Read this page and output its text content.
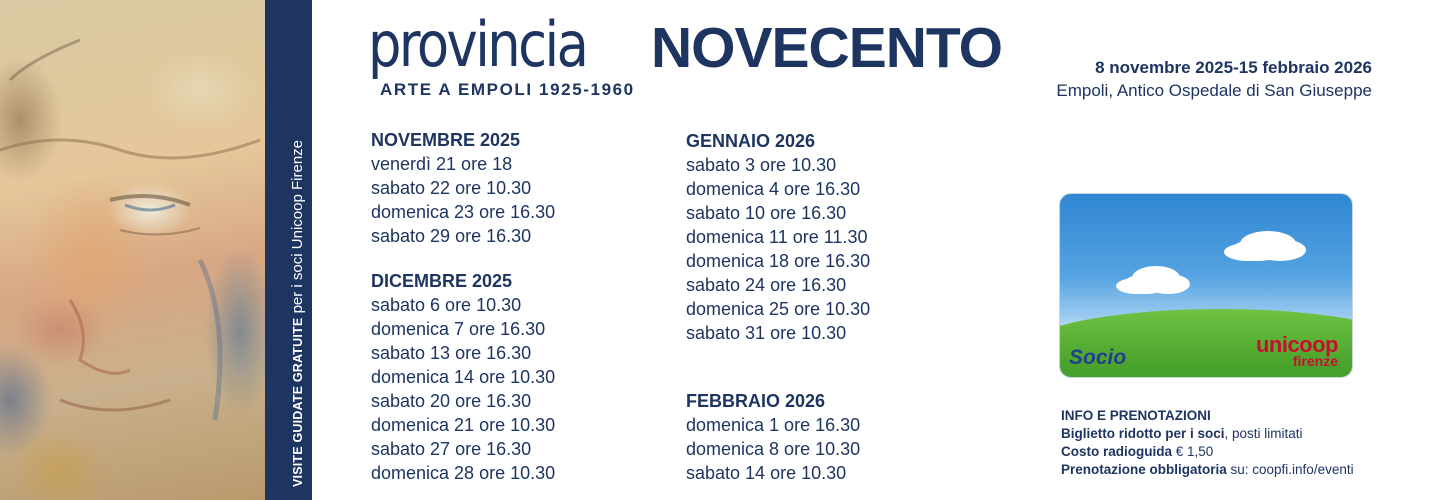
VISITE GUIDATE GRATUITE per i soci Unicoop Firenze
provincia NOVECENTO
ARTE A EMPOLI 1925-1960
8 novembre 2025-15 febbraio 2026
Empoli, Antico Ospedale di San Giuseppe
NOVEMBRE 2025
venerdì 21 ore 18
sabato 22 ore 10.30
domenica 23 ore 16.30
sabato 29 ore 16.30
DICEMBRE 2025
sabato 6 ore 10.30
domenica 7 ore 16.30
sabato 13 ore 16.30
domenica 14 ore 10.30
sabato 20 ore 16.30
domenica 21 ore 10.30
sabato 27 ore 16.30
domenica 28 ore 10.30
GENNAIO 2026
sabato 3 ore 10.30
domenica 4 ore 16.30
sabato 10 ore 16.30
domenica 11 ore 11.30
domenica 18 ore 16.30
sabato 24 ore 16.30
domenica 25 ore 10.30
sabato 31 ore 10.30
FEBBRAIO 2026
domenica 1 ore 16.30
domenica 8 ore 10.30
sabato 14 ore 10.30
Socio
unicoop
firenze
INFO E PRENOTAZIONI
Biglietto ridotto per i soci, posti limitati
Costo radioguida € 1,50
Prenotazione obbligatoria su: coopfi.info/eventi
